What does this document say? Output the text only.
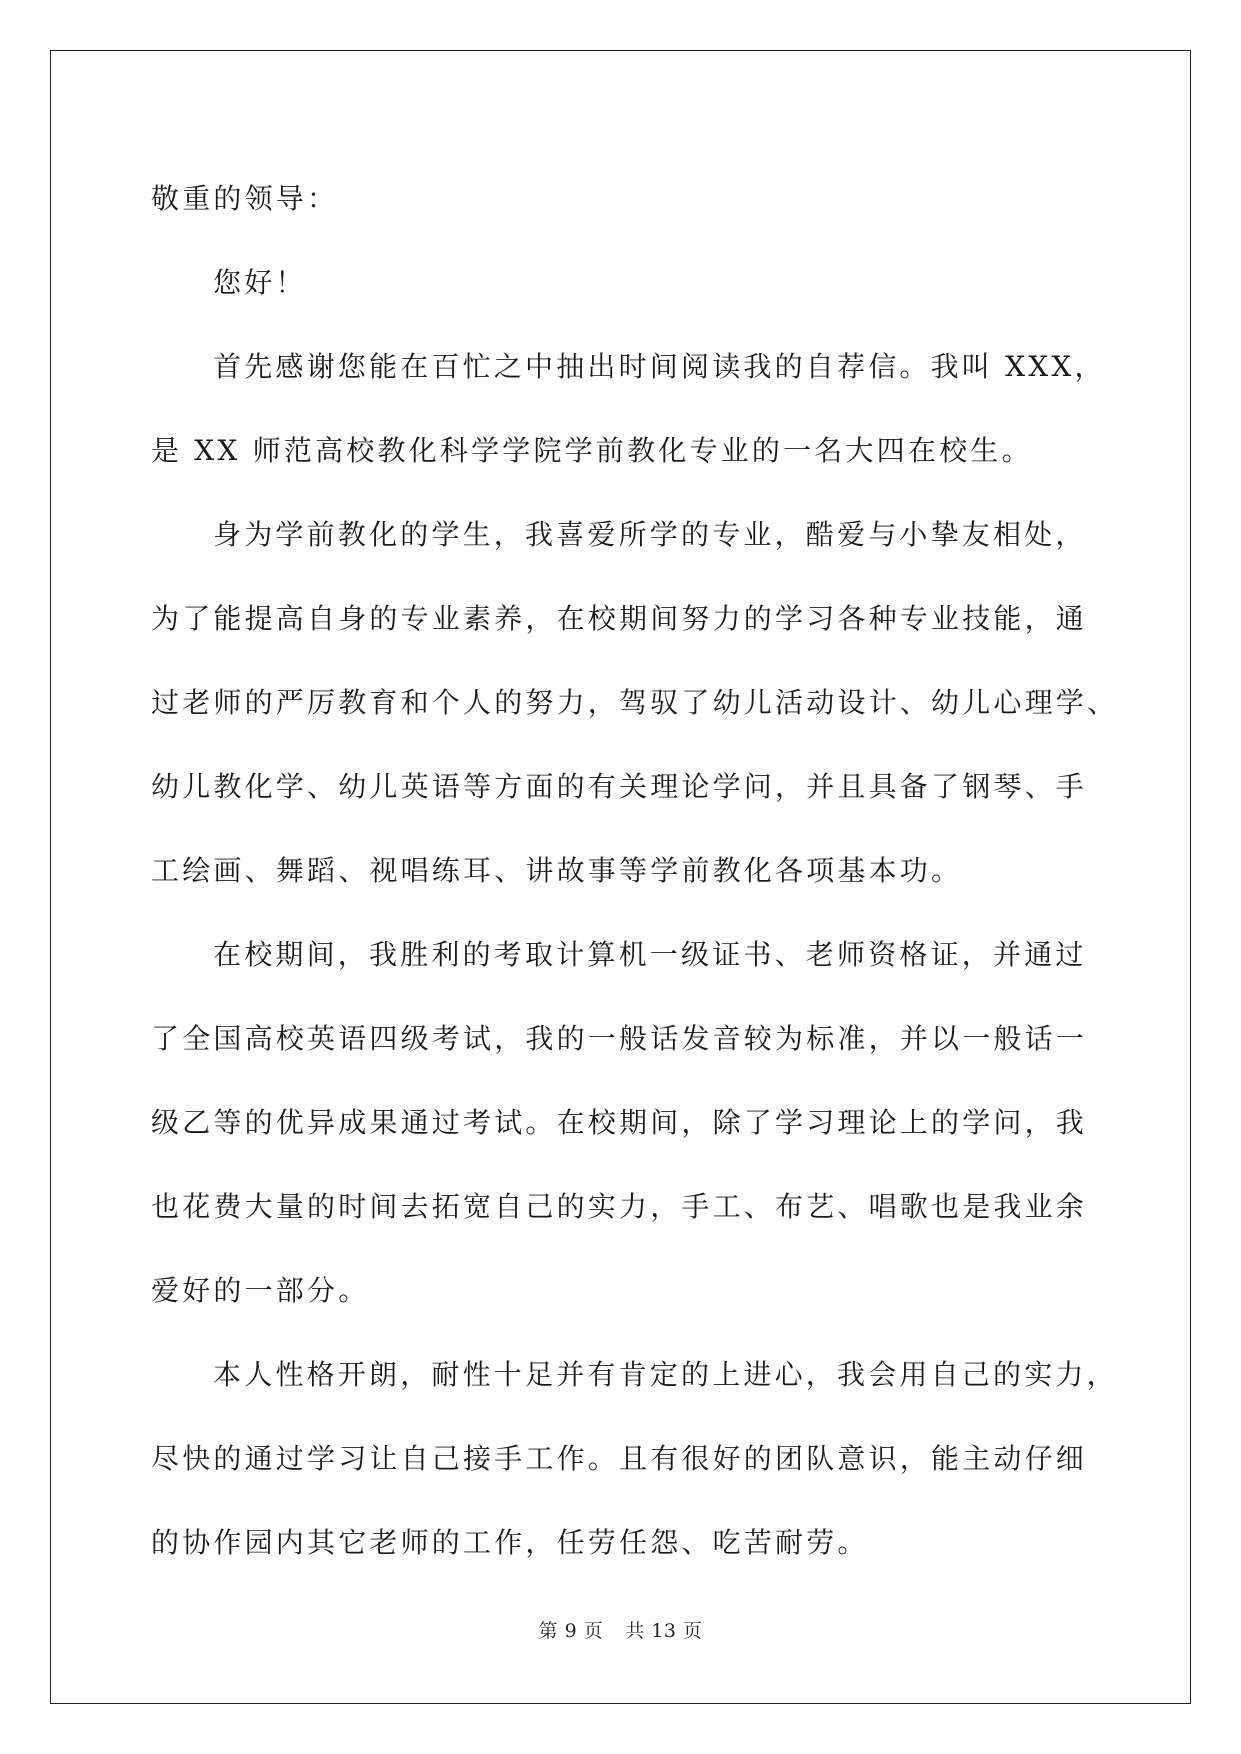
敬重的领导：
您好！
首先感谢您能在百忙之中抽出时间阅读我的自荐信。我叫 XXX，
是 XX 师范高校教化科学学院学前教化专业的一名大四在校生。
身为学前教化的学生，我喜爱所学的专业，酷爱与小挚友相处，
为了能提高自身的专业素养，在校期间努力的学习各种专业技能，通
过老师的严厉教育和个人的努力，驾驭了幼儿活动设计、幼儿心理学、
幼儿教化学、幼儿英语等方面的有关理论学问，并且具备了钢琴、手
工绘画、舞蹈、视唱练耳、讲故事等学前教化各项基本功。
在校期间，我胜利的考取计算机一级证书、老师资格证，并通过
了全国高校英语四级考试，我的一般话发音较为标准，并以一般话一
级乙等的优异成果通过考试。在校期间，除了学习理论上的学问，我
也花费大量的时间去拓宽自己的实力，手工、布艺、唱歌也是我业余
爱好的一部分。
本人性格开朗，耐性十足并有肯定的上进心，我会用自己的实力，
尽快的通过学习让自己接手工作。且有很好的团队意识，能主动仔细
的协作园内其它老师的工作，任劳任怨、吃苦耐劳。
第 9 页 共 13 页
